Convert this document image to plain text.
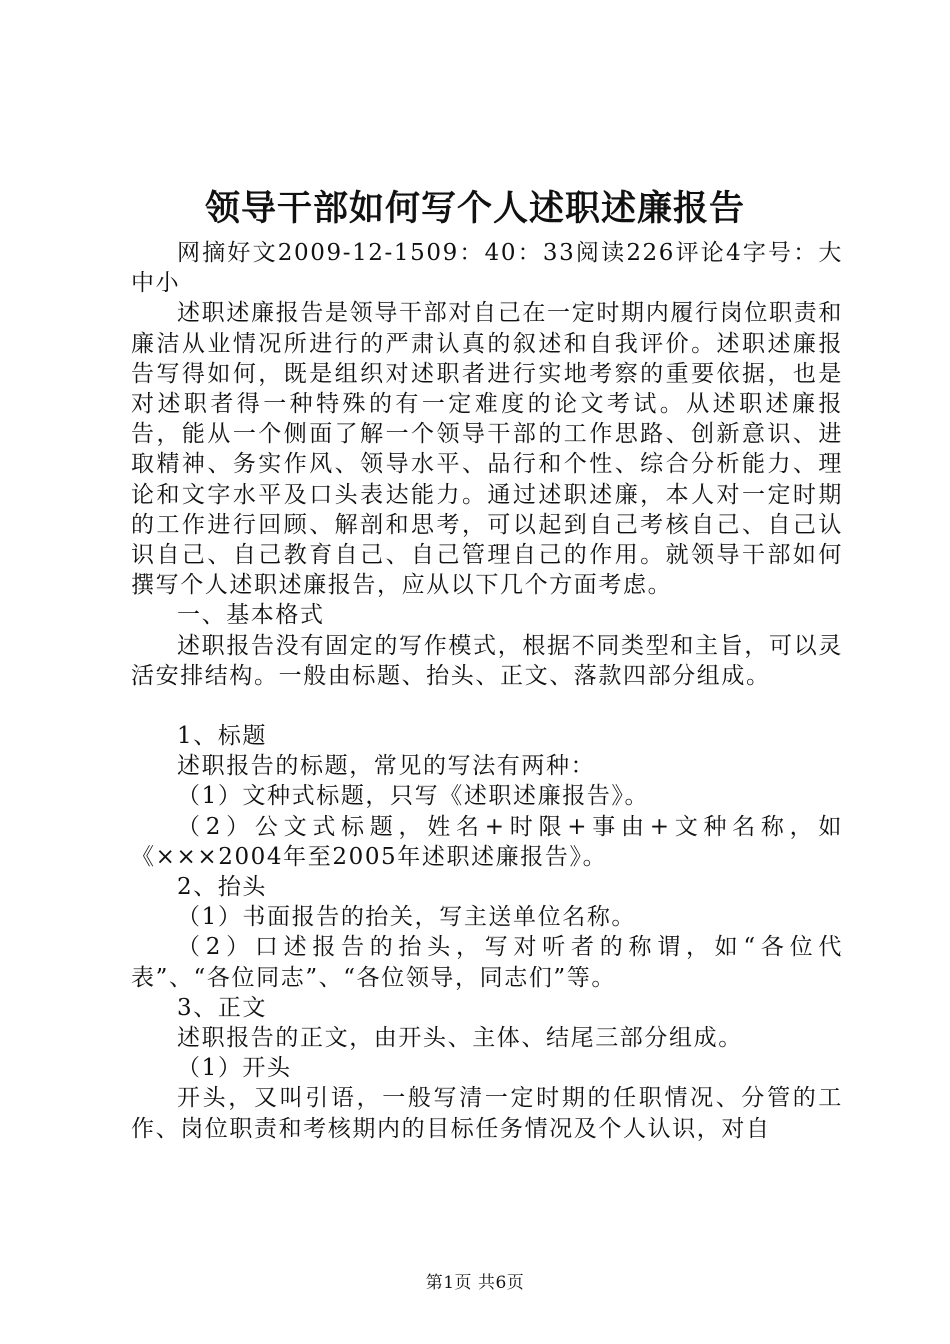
领导干部如何写个人述职述廉报告

网摘好文2009-12-1509：40：33阅读226评论4字号：大中小

述职述廉报告是领导干部对自己在一定时期内履行岗位职责和廉洁从业情况所进行的严肃认真的叙述和自我评价。述职述廉报告写得如何，既是组织对述职者进行实地考察的重要依据，也是对述职者得一种特殊的有一定难度的论文考试。从述职述廉报告，能从一个侧面了解一个领导干部的工作思路、创新意识、进取精神、务实作风、领导水平、品行和个性、综合分析能力、理论和文字水平及口头表达能力。通过述职述廉，本人对一定时期的工作进行回顾、解剖和思考，可以起到自己考核自己、自己认识自己、自己教育自己、自己管理自己的作用。就领导干部如何撰写个人述职述廉报告，应从以下几个方面考虑。

一、基本格式

述职报告没有固定的写作模式，根据不同类型和主旨，可以灵活安排结构。一般由标题、抬头、正文、落款四部分组成。

1、标题

述职报告的标题，常见的写法有两种：

（1）文种式标题，只写《述职述廉报告》。

（2）公文式标题，姓名+时限+事由+文种名称，如《×××2004年至2005年述职述廉报告》。

2、抬头

（1）书面报告的抬关，写主送单位名称。

（2）口述报告的抬头，写对听者的称谓，如“各位代表”、“各位同志”、“各位领导，同志们”等。

3、正文

述职报告的正文，由开头、主体、结尾三部分组成。

（1）开头

开头，又叫引语，一般写清一定时期的任职情况、分管的工作、岗位职责和考核期内的目标任务情况及个人认识，对自

第1页 共6页
